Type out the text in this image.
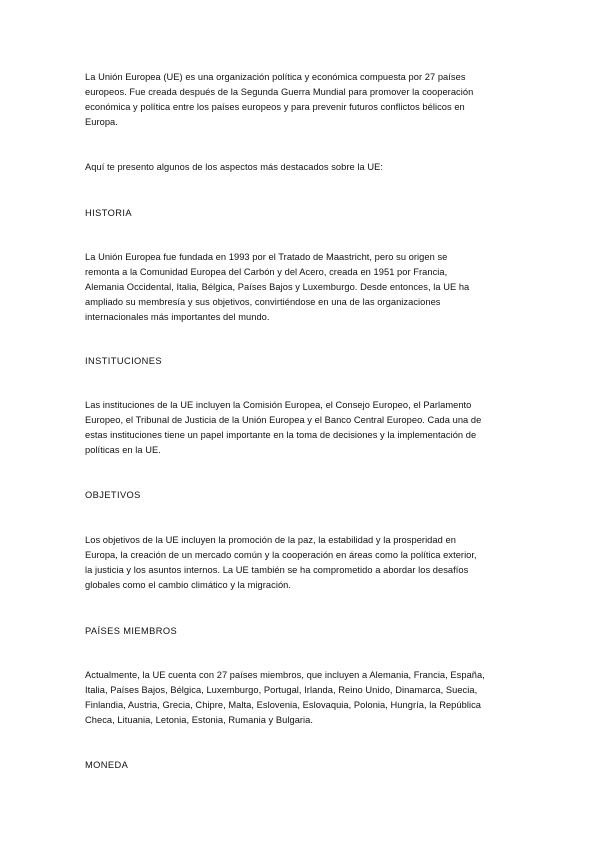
La Unión Europea (UE) es una organización política y económica compuesta por 27 países
europeos. Fue creada después de la Segunda Guerra Mundial para promover la cooperación
económica y política entre los países europeos y para prevenir futuros conflictos bélicos en
Europa.

Aquí te presento algunos de los aspectos más destacados sobre la UE:

HISTORIA
La Unión Europea fue fundada en 1993 por el Tratado de Maastricht, pero su origen se
remonta a la Comunidad Europea del Carbón y del Acero, creada en 1951 por Francia,
Alemania Occidental, Italia, Bélgica, Países Bajos y Luxemburgo. Desde entonces, la UE ha
ampliado su membresía y sus objetivos, convirtiéndose en una de las organizaciones
internacionales más importantes del mundo.
INSTITUCIONES
Las instituciones de la UE incluyen la Comisión Europea, el Consejo Europeo, el Parlamento
Europeo, el Tribunal de Justicia de la Unión Europea y el Banco Central Europeo. Cada una de
estas instituciones tiene un papel importante en la toma de decisiones y la implementación de
políticas en la UE.
OBJETIVOS
Los objetivos de la UE incluyen la promoción de la paz, la estabilidad y la prosperidad en
Europa, la creación de un mercado común y la cooperación en áreas como la política exterior,
la justicia y los asuntos internos. La UE también se ha comprometido a abordar los desafíos
globales como el cambio climático y la migración.
PAÍSES MIEMBROS
Actualmente, la UE cuenta con 27 países miembros, que incluyen a Alemania, Francia, España,
Italia, Países Bajos, Bélgica, Luxemburgo, Portugal, Irlanda, Reino Unido, Dinamarca, Suecia,
Finlandia, Austria, Grecia, Chipre, Malta, Eslovenia, Eslovaquia, Polonia, Hungría, la República
Checa, Lituania, Letonia, Estonia, Rumania y Bulgaria.
MONEDA
